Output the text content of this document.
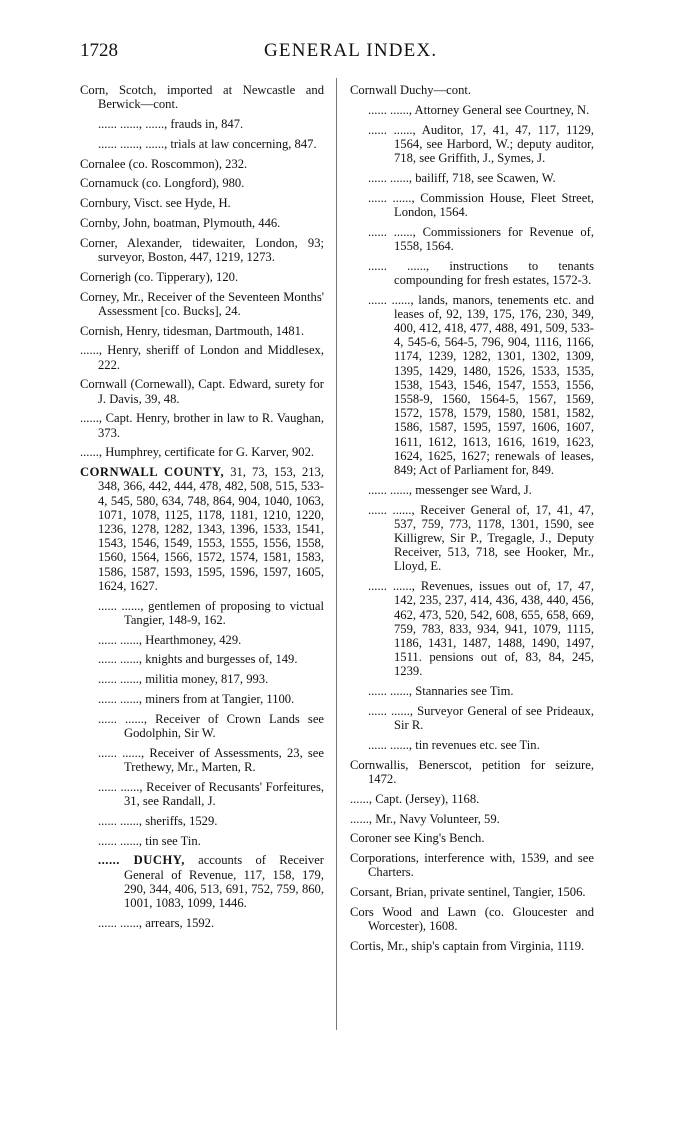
1728	GENERAL INDEX.

Corn, Scotch, imported at Newcastle and Berwick—cont.

...... ......, ......, frauds in, 847.

...... ......, ......, trials at law concerning, 847.

Cornalee (co. Roscommon), 232.

Cornamuck (co. Longford), 980.

Cornbury, Visct. see Hyde, H.

Cornby, John, boatman, Plymouth, 446.

Corner, Alexander, tidewaiter, London, 93; surveyor, Boston, 447, 1219, 1273.

Cornerigh (co. Tipperary), 120.

Corney, Mr., Receiver of the Seventeen Months' Assessment [co. Bucks], 24.

Cornish, Henry, tidesman, Dartmouth, 1481.

......, Henry, sheriff of London and Middlesex, 222.

Cornwall (Cornewall), Capt. Edward, surety for J. Davis, 39, 48.

......, Capt. Henry, brother in law to R. Vaughan, 373.

......, Humphrey, certificate for G. Karver, 902.

CORNWALL COUNTY, 31, 73, 153, 213, 348, 366, 442, 444, 478, 482, 508, 515, 533-4, 545, 580, 634, 748, 864, 904, 1040, 1063, 1071, 1078, 1125, 1178, 1181, 1210, 1220, 1236, 1278, 1282, 1343, 1396, 1533, 1541, 1543, 1546, 1549, 1553, 1555, 1556, 1558, 1560, 1564, 1566, 1572, 1574, 1581, 1583, 1586, 1587, 1593, 1595, 1596, 1597, 1605, 1624, 1627.

...... ......, gentlemen of proposing to victual Tangier, 148-9, 162.

...... ......, Hearthmoney, 429.

...... ......, knights and burgesses of, 149.

...... ......, militia money, 817, 993.

...... ......, miners from at Tangier, 1100.

...... ......, Receiver of Crown Lands see Godolphin, Sir W.

...... ......, Receiver of Assessments, 23, see Trethewy, Mr., Marten, R.

...... ......, Receiver of Recusants' Forfeitures, 31, see Randall, J.

...... ......, sheriffs, 1529.

...... ......, tin see Tin.

...... DUCHY, accounts of Receiver General of Revenue, 117, 158, 179, 290, 344, 406, 513, 691, 752, 759, 860, 1001, 1083, 1099, 1446.

...... ......, arrears, 1592.

Cornwall Duchy—cont.

...... ......, Attorney General see Courtney, N.

...... ......, Auditor, 17, 41, 47, 117, 1129, 1564, see Harbord, W.; deputy auditor, 718, see Griffith, J., Symes, J.

...... ......, bailiff, 718, see Scawen, W.

...... ......, Commission House, Fleet Street, London, 1564.

...... ......, Commissioners for Revenue of, 1558, 1564.

...... ......, instructions to tenants compounding for fresh estates, 1572-3.

...... ......, lands, manors, tenements etc. and leases of, 92, 139, 175, 176, 230, 349, 400, 412, 418, 477, 488, 491, 509, 533-4, 545-6, 564-5, 796, 904, 1116, 1166, 1174, 1239, 1282, 1301, 1302, 1309, 1395, 1429, 1480, 1526, 1533, 1535, 1538, 1543, 1546, 1547, 1553, 1556, 1558-9, 1560, 1564-5, 1567, 1569, 1572, 1578, 1579, 1580, 1581, 1582, 1586, 1587, 1595, 1597, 1606, 1607, 1611, 1612, 1613, 1616, 1619, 1623, 1624, 1625, 1627; renewals of leases, 849; Act of Parliament for, 849.

...... ......, messenger see Ward, J.

...... ......, Receiver General of, 17, 41, 47, 537, 759, 773, 1178, 1301, 1590, see Killigrew, Sir P., Tregagle, J., Deputy Receiver, 513, 718, see Hooker, Mr., Lloyd, E.

...... ......, Revenues, issues out of, 17, 47, 142, 235, 237, 414, 436, 438, 440, 456, 462, 473, 520, 542, 608, 655, 658, 669, 759, 783, 833, 934, 941, 1079, 1115, 1186, 1431, 1487, 1488, 1490, 1497, 1511. pensions out of, 83, 84, 245, 1239.

...... ......, Stannaries see Tim.

...... ......, Surveyor General of see Prideaux, Sir R.

...... ......, tin revenues etc. see Tin.

Cornwallis, Benerscot, petition for seizure, 1472.

......, Capt. (Jersey), 1168.

......, Mr., Navy Volunteer, 59.

Coroner see King's Bench.

Corporations, interference with, 1539, and see Charters.

Corsant, Brian, private sentinel, Tangier, 1506.

Cors Wood and Lawn (co. Gloucester and Worcester), 1608.

Cortis, Mr., ship's captain from Virginia, 1119.
